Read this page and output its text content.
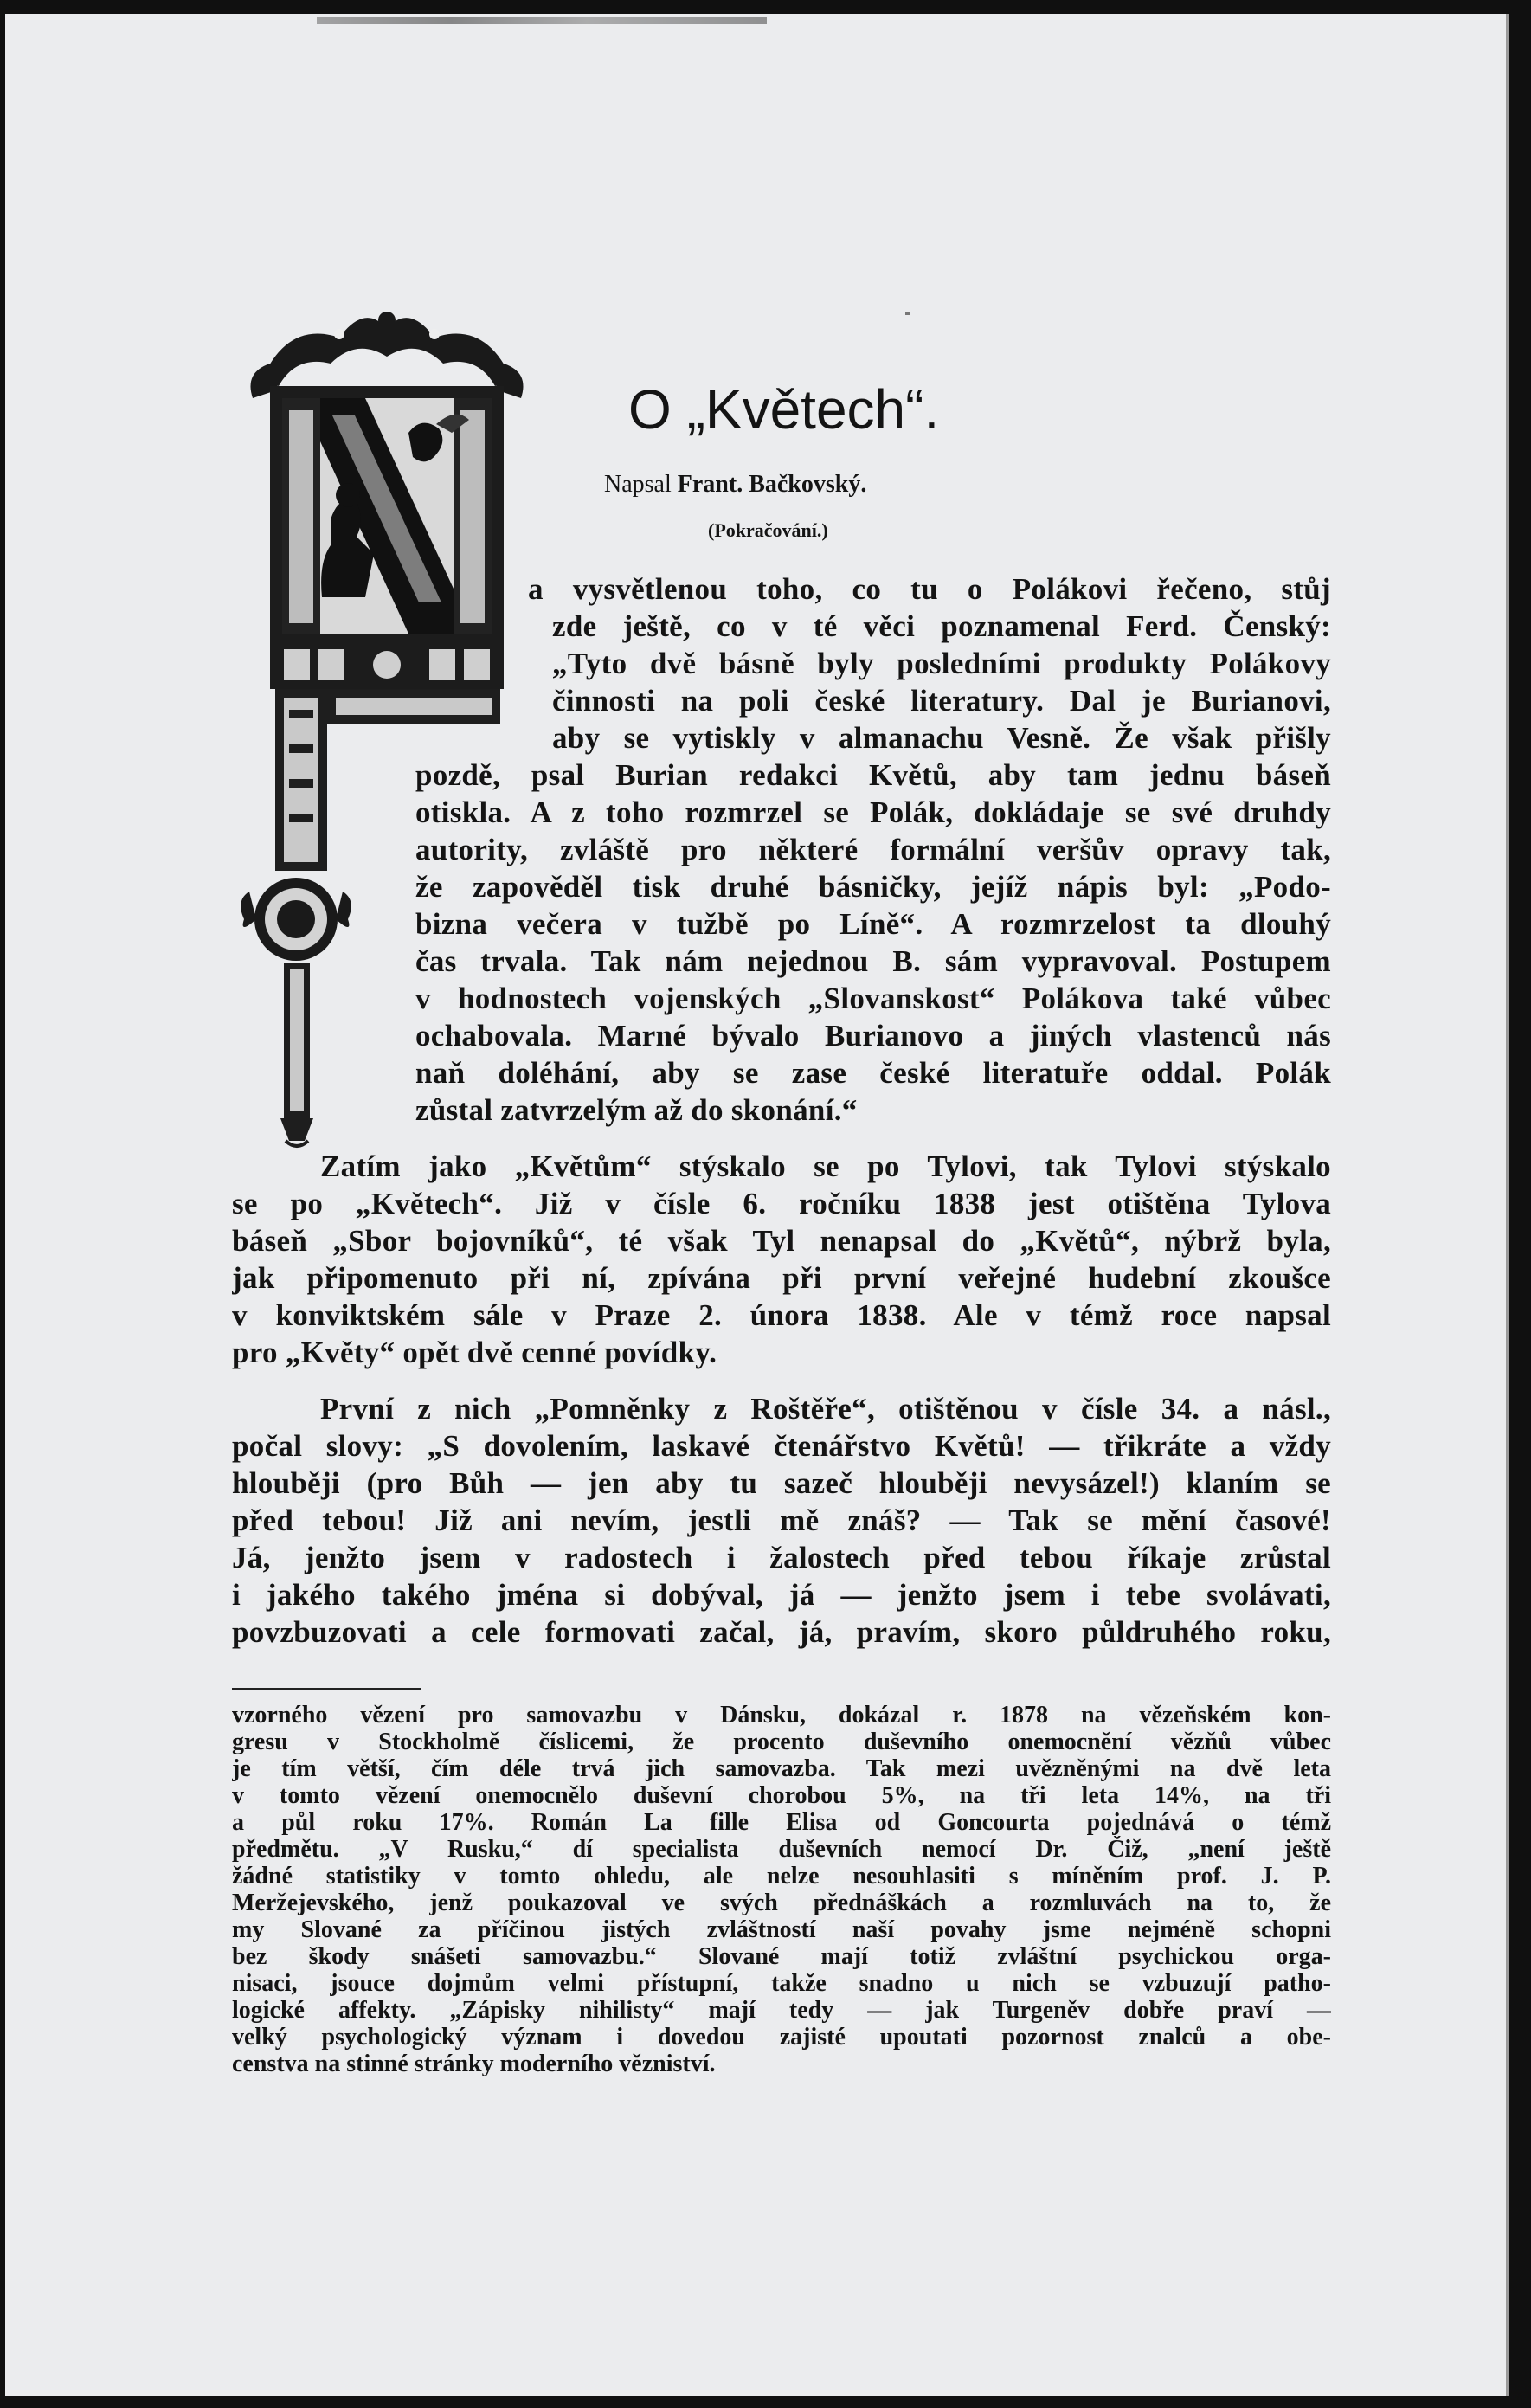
O „Květech“.
Napsal Frant. Bačkovský.
(Pokračování.)
a vysvětlenou toho, co tu o Polákovi řečeno, stůj
zde ještě, co v té věci poznamenal Ferd. Čenský:
„Tyto dvě básně byly posledními produkty Polákovy
činnosti na poli české literatury. Dal je Burianovi,
aby se vytiskly v almanachu Vesně. Že však přišly
pozdě, psal Burian redakci Květů, aby tam jednu báseň
otiskla. A z toho rozmrzel se Polák, dokládaje se své druhdy
autority, zvláště pro některé formální veršův opravy tak,
že zapověděl tisk druhé básničky, jejíž nápis byl: „Podo-
bizna večera v tužbě po Líně“. A rozmrzelost ta dlouhý
čas trvala. Tak nám nejednou B. sám vypravoval. Postupem
v hodnostech vojenských „Slovanskost“ Polákova také vůbec
ochabovala. Marné bývalo Burianovo a jiných vlastenců nás
naň doléhání, aby se zase české literatuře oddal. Polák
zůstal zatvrzelým až do skonání.“
Zatím jako „Květům“ stýskalo se po Tylovi, tak Tylovi stýskalo
se po „Květech“. Již v čísle 6. ročníku 1838 jest otištěna Tylova
báseň „Sbor bojovníků“, té však Tyl nenapsal do „Květů“, nýbrž byla,
jak připomenuto při ní, zpívána při první veřejné hudební zkoušce
v konviktském sále v Praze 2. února 1838. Ale v témž roce napsal
pro „Květy“ opět dvě cenné povídky.
První z nich „Pomněnky z Roštěře“, otištěnou v čísle 34. a násl.,
počal slovy: „S dovolením, laskavé čtenářstvo Květů! — třikráte a vždy
hlouběji (pro Bůh — jen aby tu sazeč hlouběji nevysázel!) klaním se
před tebou! Již ani nevím, jestli mě znáš? — Tak se mění časové!
Já, jenžto jsem v radostech i žalostech před tebou říkaje zrůstal
i jakého takého jména si dobýval, já — jenžto jsem i tebe svolávati,
povzbuzovati a cele formovati začal, já, pravím, skoro půldruhého roku,
vzorného vězení pro samovazbu v Dánsku, dokázal r. 1878 na vězeňském kon-
gresu v Stockholmě číslicemi, že procento duševního onemocnění vězňů vůbec
je tím větší, čím déle trvá jich samovazba. Tak mezi uvězněnými na dvě leta
v tomto vězení onemocnělo duševní chorobou 5%, na tři leta 14%, na tři
a půl roku 17%. Román La fille Elisa od Goncourta pojednává o témž
předmětu. „V Rusku,“ dí specialista duševních nemocí Dr. Čiž, „není ještě
žádné statistiky v tomto ohledu, ale nelze nesouhlasiti s míněním prof. J. P.
Meržejevského, jenž poukazoval ve svých přednáškách a rozmluvách na to, že
my Slované za příčinou jistých zvláštností naší povahy jsme nejméně schopni
bez škody snášeti samovazbu.“ Slované mají totiž zvláštní psychickou orga-
nisaci, jsouce dojmům velmi přístupní, takže snadno u nich se vzbuzují patho-
logické affekty. „Zápisky nihilisty“ mají tedy — jak Turgeněv dobře praví —
velký psychologický význam i dovedou zajisté upoutati pozornost znalců a obe-
censtva na stinné stránky moderního vězniství.
